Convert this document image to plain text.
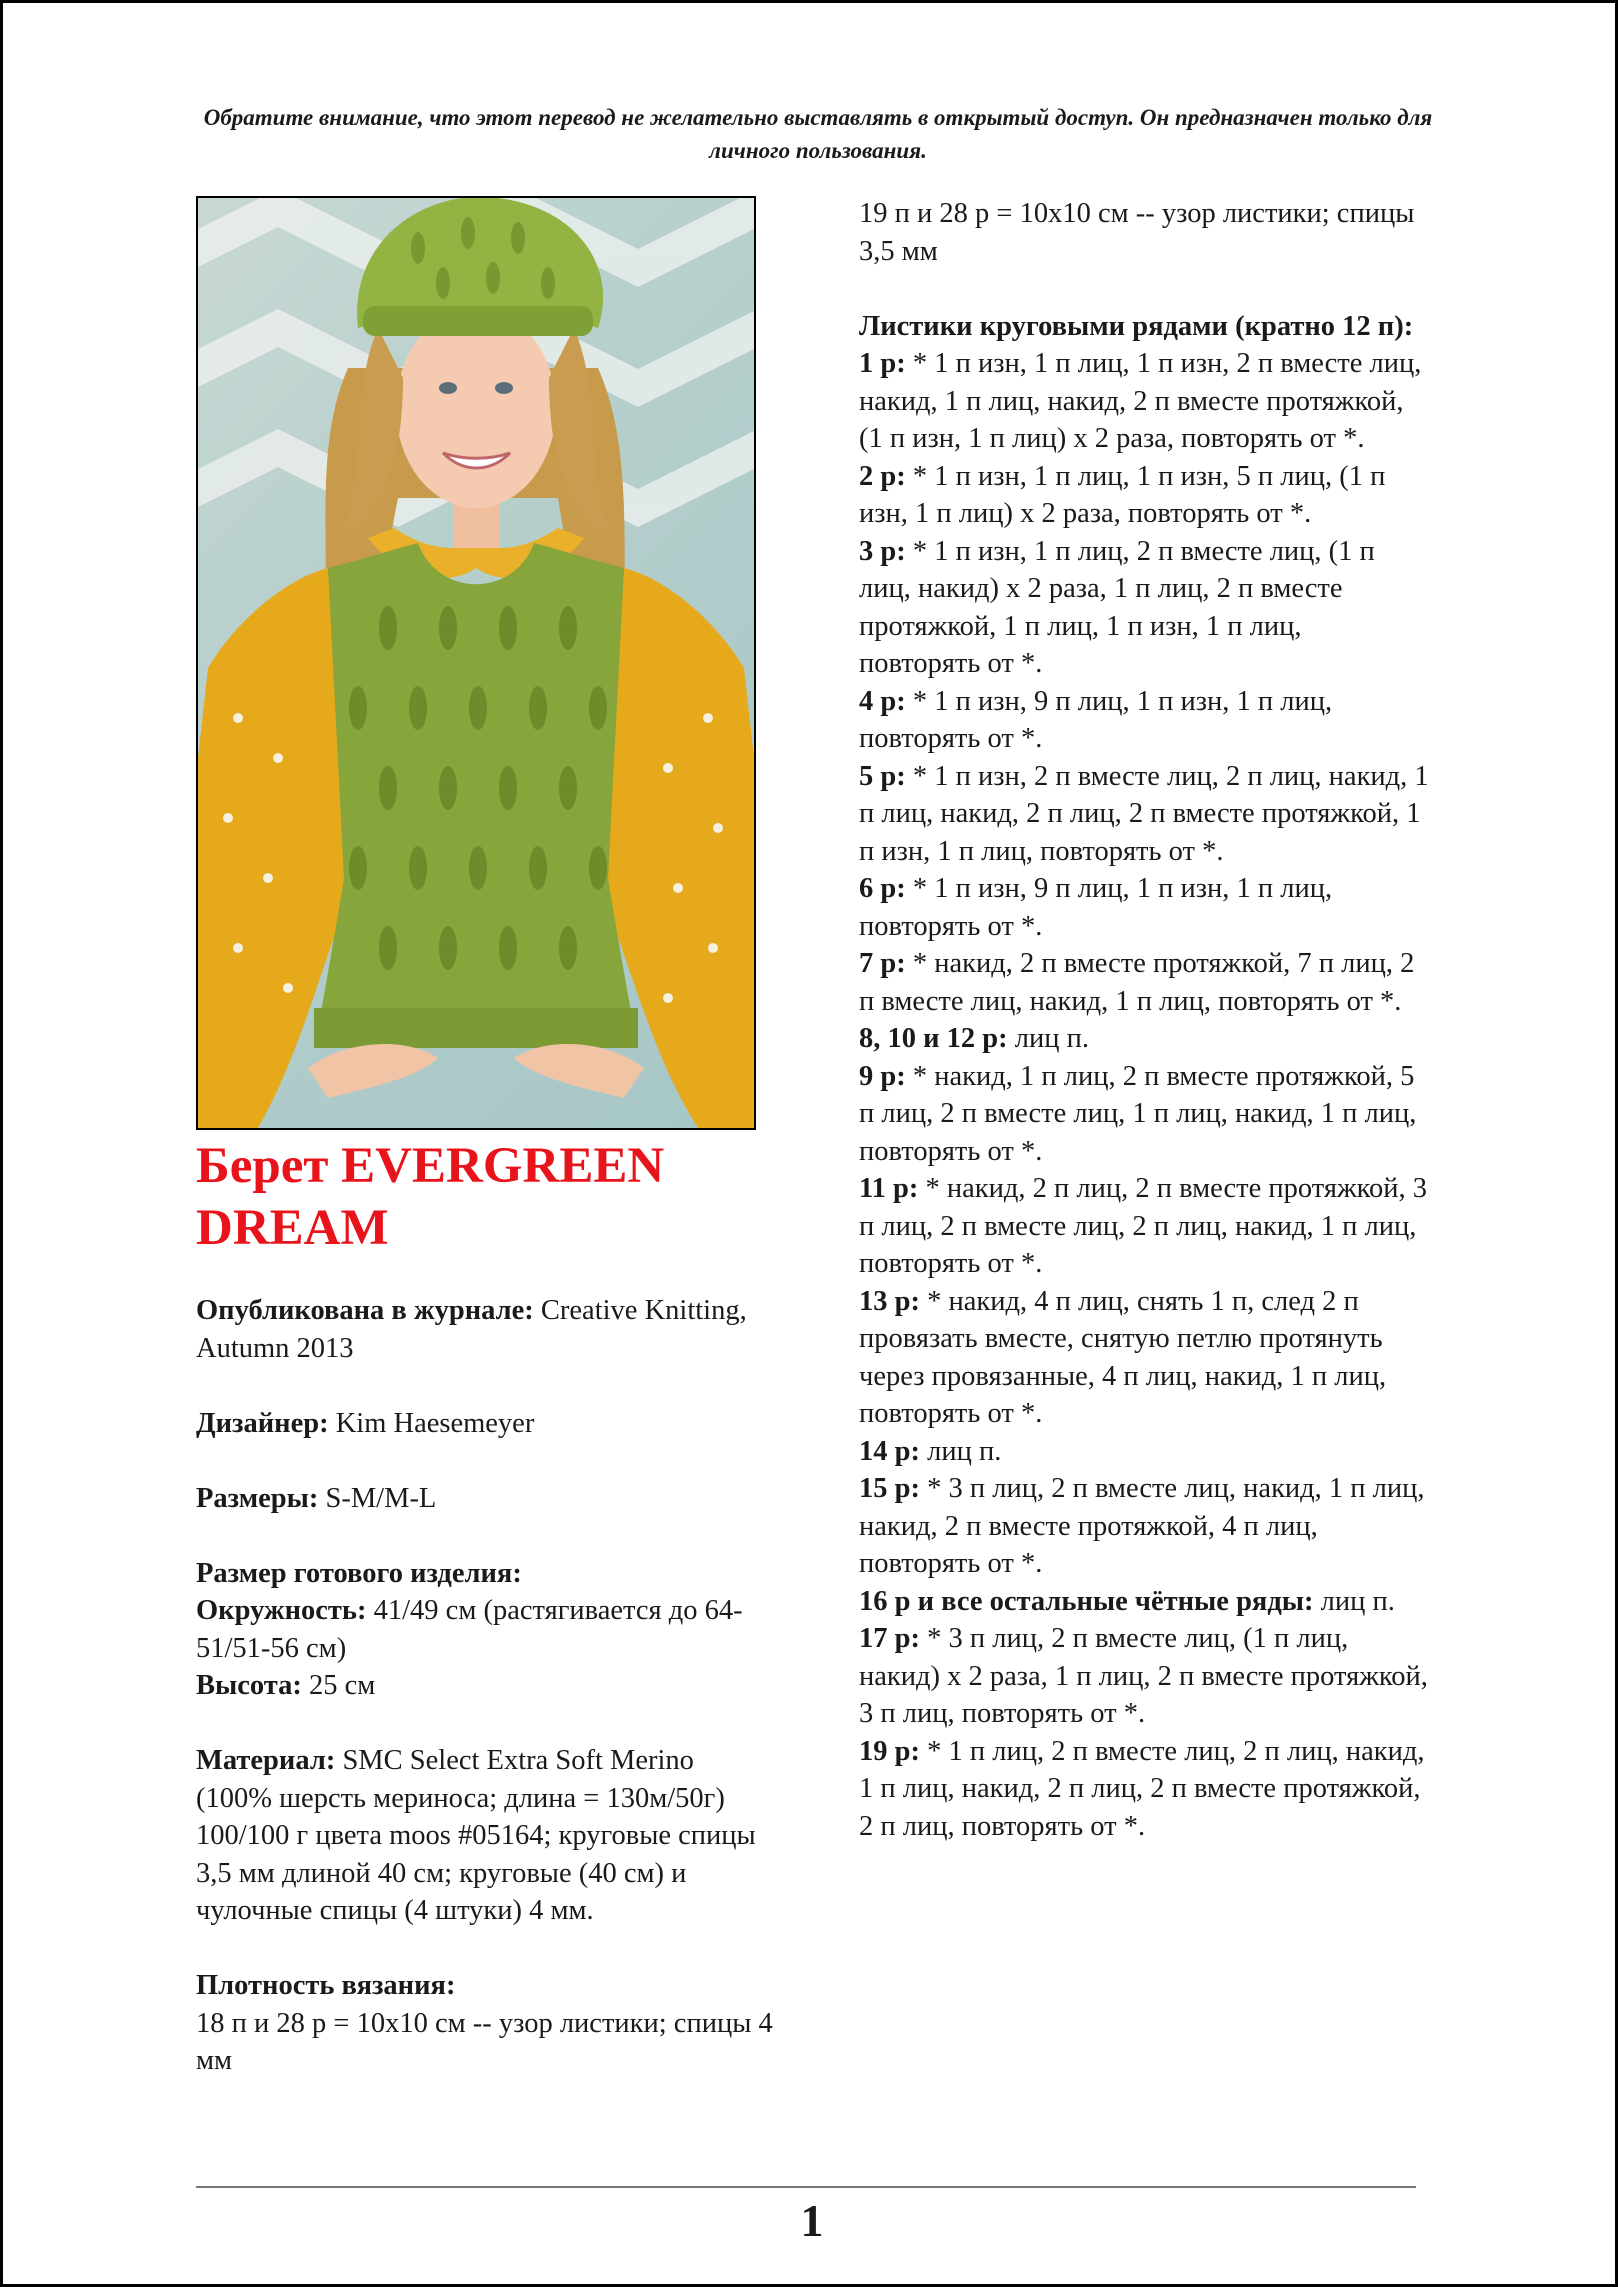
Обратите внимание, что этот перевод не желательно выставлять в открытый доступ. Он предназначен только для личного пользования.
Берет EVERGREEN DREAM

Опубликована в журнале: Creative Knitting, Autumn 2013

Дизайнер: Kim Haesemeyer

Размеры: S-M/M-L

Размер готового изделия:

Окружность: 41/49 см (растягивается до 64-51/51-56 см)

Высота: 25 см

Материал: SMC Select Extra Soft Merino (100% шерсть мериноса; длина = 130м/50г) 100/100 г цвета moos #05164; круговые спицы 3,5 мм длиной 40 см; круговые (40 см) и чулочные спицы (4 штуки) 4 мм.

Плотность вязания:

18 п и 28 р = 10х10 см -- узор листики; спицы 4 мм

19 п и 28 р = 10х10 см -- узор листики; спицы 3,5 мм

Листики круговыми рядами (кратно 12 п):

1 р: * 1 п изн, 1 п лиц, 1 п изн, 2 п вместе лиц, накид, 1 п лиц, накид, 2 п вместе протяжкой, (1 п изн, 1 п лиц) х 2 раза, повторять от *.

2 р: * 1 п изн, 1 п лиц, 1 п изн, 5 п лиц, (1 п изн, 1 п лиц) х 2 раза, повторять от *.

3 р: * 1 п изн, 1 п лиц, 2 п вместе лиц, (1 п лиц, накид) х 2 раза, 1 п лиц, 2 п вместе протяжкой, 1 п лиц, 1 п изн, 1 п лиц, повторять от *.

4 р: * 1 п изн, 9 п лиц, 1 п изн, 1 п лиц, повторять от *.

5 р: * 1 п изн, 2 п вместе лиц, 2 п лиц, накид, 1 п лиц, накид, 2 п лиц, 2 п вместе протяжкой, 1 п изн, 1 п лиц, повторять от *.

6 р: * 1 п изн, 9 п лиц, 1 п изн, 1 п лиц, повторять от *.

7 р: * накид, 2 п вместе протяжкой, 7 п лиц, 2 п вместе лиц, накид, 1 п лиц, повторять от *.

8, 10 и 12 р: лиц п.

9 р: * накид, 1 п лиц, 2 п вместе протяжкой, 5 п лиц, 2 п вместе лиц, 1 п лиц, накид, 1 п лиц, повторять от *.

11 р: * накид, 2 п лиц, 2 п вместе протяжкой, 3 п лиц, 2 п вместе лиц, 2 п лиц, накид, 1 п лиц, повторять от *.

13 р: * накид, 4 п лиц, снять 1 п, след 2 п провязать вместе, снятую петлю протянуть через провязанные, 4 п лиц, накид, 1 п лиц, повторять от *.

14 р: лиц п.

15 р: * 3 п лиц, 2 п вместе лиц, накид, 1 п лиц, накид, 2 п вместе протяжкой, 4 п лиц, повторять от *.

16 р и все остальные чётные ряды: лиц п.

17 р: * 3 п лиц, 2 п вместе лиц, (1 п лиц, накид) х 2 раза, 1 п лиц, 2 п вместе протяжкой, 3 п лиц, повторять от *.

19 р: * 1 п лиц, 2 п вместе лиц, 2 п лиц, накид, 1 п лиц, накид, 2 п лиц, 2 п вместе протяжкой, 2 п лиц, повторять от *.

1
